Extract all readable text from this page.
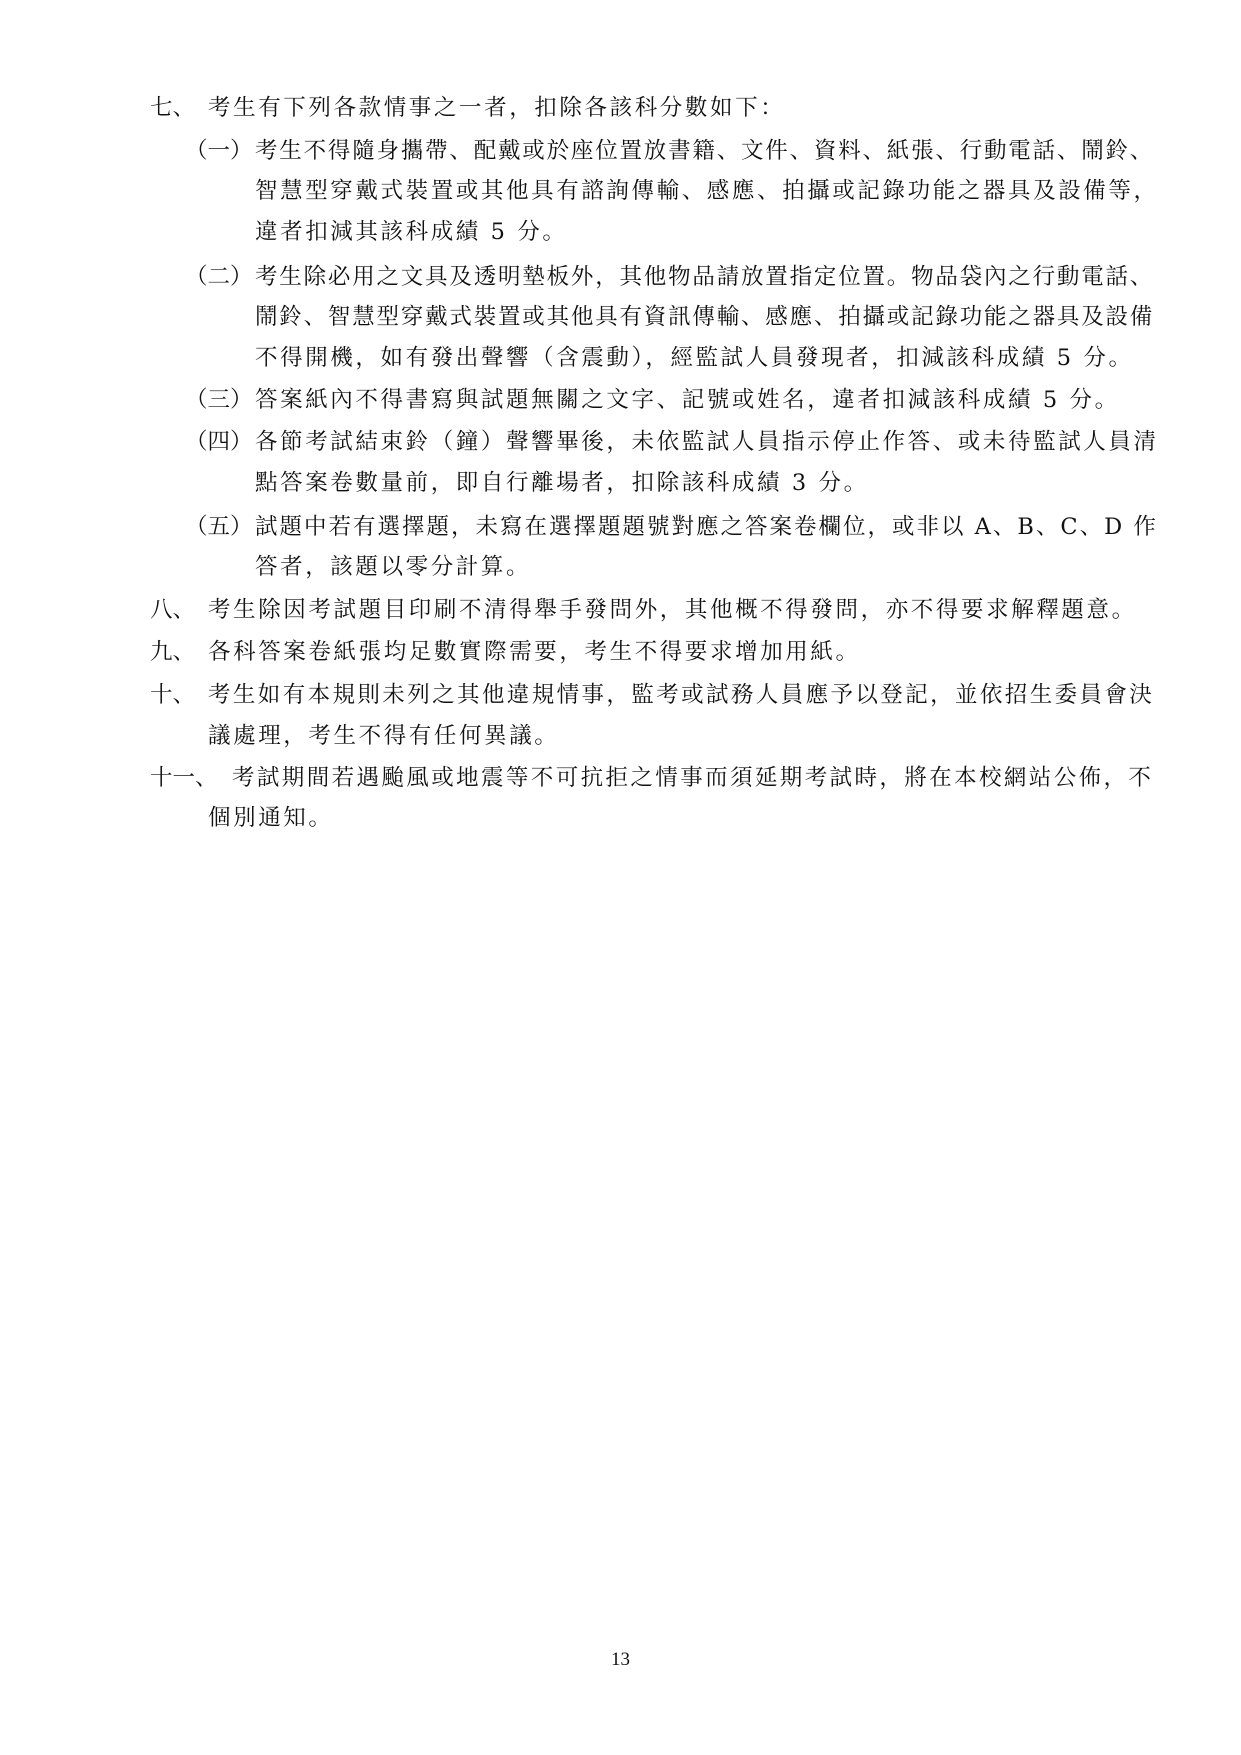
七、 考生有下列各款情事之一者，扣除各該科分數如下：
（一） 考生不得隨身攜帶、配戴或於座位置放書籍、文件、資料、紙張、行動電話、鬧鈴、
智慧型穿戴式裝置或其他具有諮詢傳輸、感應、拍攝或記錄功能之器具及設備等，
違者扣減其該科成績 5 分。
（二） 考生除必用之文具及透明墊板外，其他物品請放置指定位置。物品袋內之行動電話、
鬧鈴、智慧型穿戴式裝置或其他具有資訊傳輸、感應、拍攝或記錄功能之器具及設備
不得開機，如有發出聲響（含震動），經監試人員發現者，扣減該科成績 5 分。
（三） 答案紙內不得書寫與試題無關之文字、記號或姓名，違者扣減該科成績 5 分。
（四） 各節考試結束鈴（鐘）聲響畢後，未依監試人員指示停止作答、或未待監試人員清
點答案卷數量前，即自行離場者，扣除該科成績 3 分。
（五） 試題中若有選擇題，未寫在選擇題題號對應之答案卷欄位，或非以 A、B、C、D 作
答者，該題以零分計算。
八、 考生除因考試題目印刷不清得舉手發問外，其他概不得發問，亦不得要求解釋題意。
九、 各科答案卷紙張均足數實際需要，考生不得要求增加用紙。
十、 考生如有本規則未列之其他違規情事，監考或試務人員應予以登記，並依招生委員會決
議處理，考生不得有任何異議。
十一、 考試期間若遇颱風或地震等不可抗拒之情事而須延期考試時，將在本校網站公佈，不
個別通知。
13
